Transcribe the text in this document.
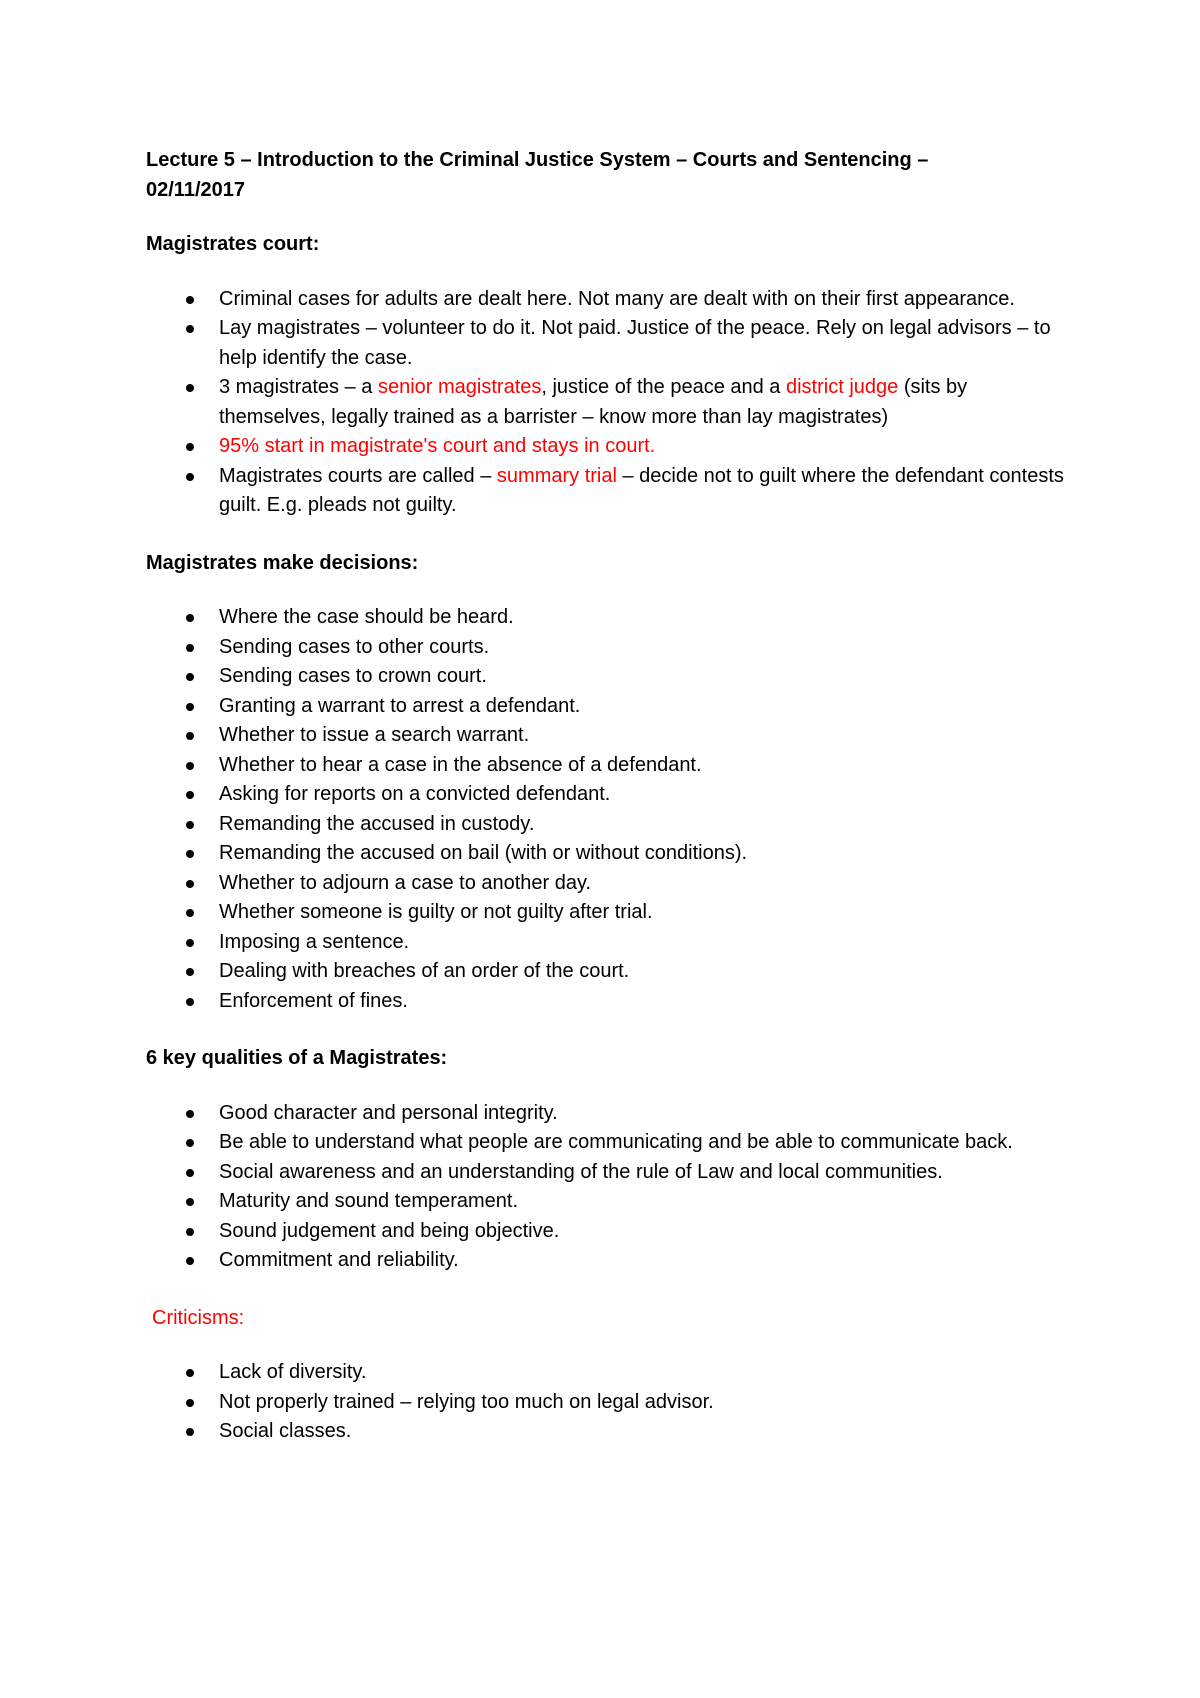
Lecture 5 – Introduction to the Criminal Justice System – Courts and Sentencing – 02/11/2017

Magistrates court:

Criminal cases for adults are dealt here. Not many are dealt with on their first appearance.
Lay magistrates – volunteer to do it. Not paid. Justice of the peace. Rely on legal advisors – to help identify the case.
3 magistrates – a senior magistrates, justice of the peace and a district judge (sits by themselves, legally trained as a barrister – know more than lay magistrates)
95% start in magistrate's court and stays in court.
Magistrates courts are called – summary trial – decide not to guilt where the defendant contests guilt. E.g. pleads not guilty.

Magistrates make decisions:

Where the case should be heard.
Sending cases to other courts.
Sending cases to crown court.
Granting a warrant to arrest a defendant.
Whether to issue a search warrant.
Whether to hear a case in the absence of a defendant.
Asking for reports on a convicted defendant.
Remanding the accused in custody.
Remanding the accused on bail (with or without conditions).
Whether to adjourn a case to another day.
Whether someone is guilty or not guilty after trial.
Imposing a sentence.
Dealing with breaches of an order of the court.
Enforcement of fines.

6 key qualities of a Magistrates:

Good character and personal integrity.
Be able to understand what people are communicating and be able to communicate back.
Social awareness and an understanding of the rule of Law and local communities.
Maturity and sound temperament.
Sound judgement and being objective.
Commitment and reliability.

Criticisms:

Lack of diversity.
Not properly trained – relying too much on legal advisor.
Social classes.
